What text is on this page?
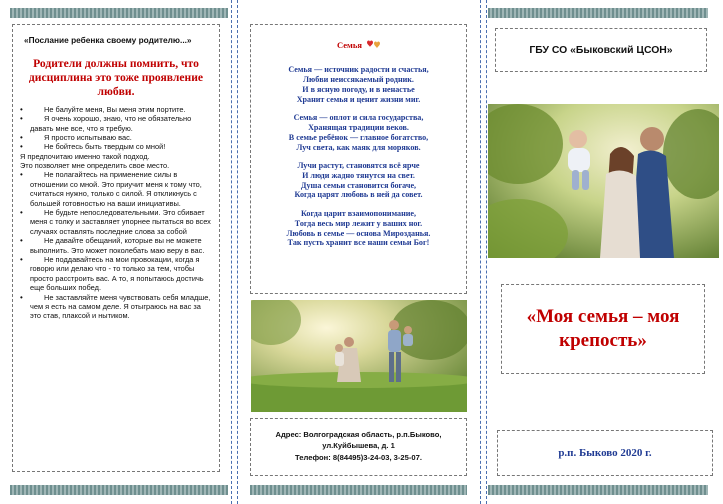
«Послание ребенка своему родителю...»
Родители должны помнить, что дисциплина это тоже проявление любви.
• Не балуйте меня, Вы меня этим портите.
• Я очень хорошо, знаю, что не обязательно давать мне все, что я требую.
• Я просто испытываю вас.
• Не бойтесь быть твердым со мной!
Я предпочитаю именно такой подход.
Это позволяет мне определить свое место.
• Не полагайтесь на применение силы в отношении со мной. Это приучит меня к тому что, считаться нужно, только с силой. Я откликнусь с большей готовностью на ваши инициативы.
• Не будьте непоследовательными. Это сбивает меня с толку и заставляет упорнее пытаться во всех случаях оставлять последние слова за собой
• Не давайте обещаний, которые вы не можете выполнить. Это может поколебать маю веру в вас.
• Не поддавайтесь на мои провокации, когда я говорю или делаю что - то только за тем, чтобы просто расстроить вас. А то, я попытаюсь достичь еще больших побед.
• Не заставляйте меня чувствовать себя младше, чем я есть на самом деле. Я отыграюсь на вас за это став, плаксой и нытиком.
Семья
Семья — источник радости и счастья,
Любви неиссякаемый родник.
И в ясную погоду, и в ненастье
Хранит семья и ценит жизни миг.
Семья — оплот и сила государства,
Хранящая традиции веков.
В семье ребёнок — главное богатство,
Луч света, как маяк для моряков.
Лучи растут, становятся всё ярче
И люди жадно тянутся на свет.
Душа семьи становится богаче,
Когда царят любовь в ней да совет.
Когда царит взаимопонимание,
Тогда весь мир лежит у ваших ног.
Любовь в семье — основа Мирозданья.
Так пусть хранит все наши семьи Бог!
Адрес: Волгоградская область, р.п.Быково,
ул.Куйбышева, д. 1
Телефон: 8(84495)3-24-03, 3-25-07.
ГБУ СО «Быковский ЦСОН»
«Моя семья – моя крепость»
р.п. Быково 2020 г.
